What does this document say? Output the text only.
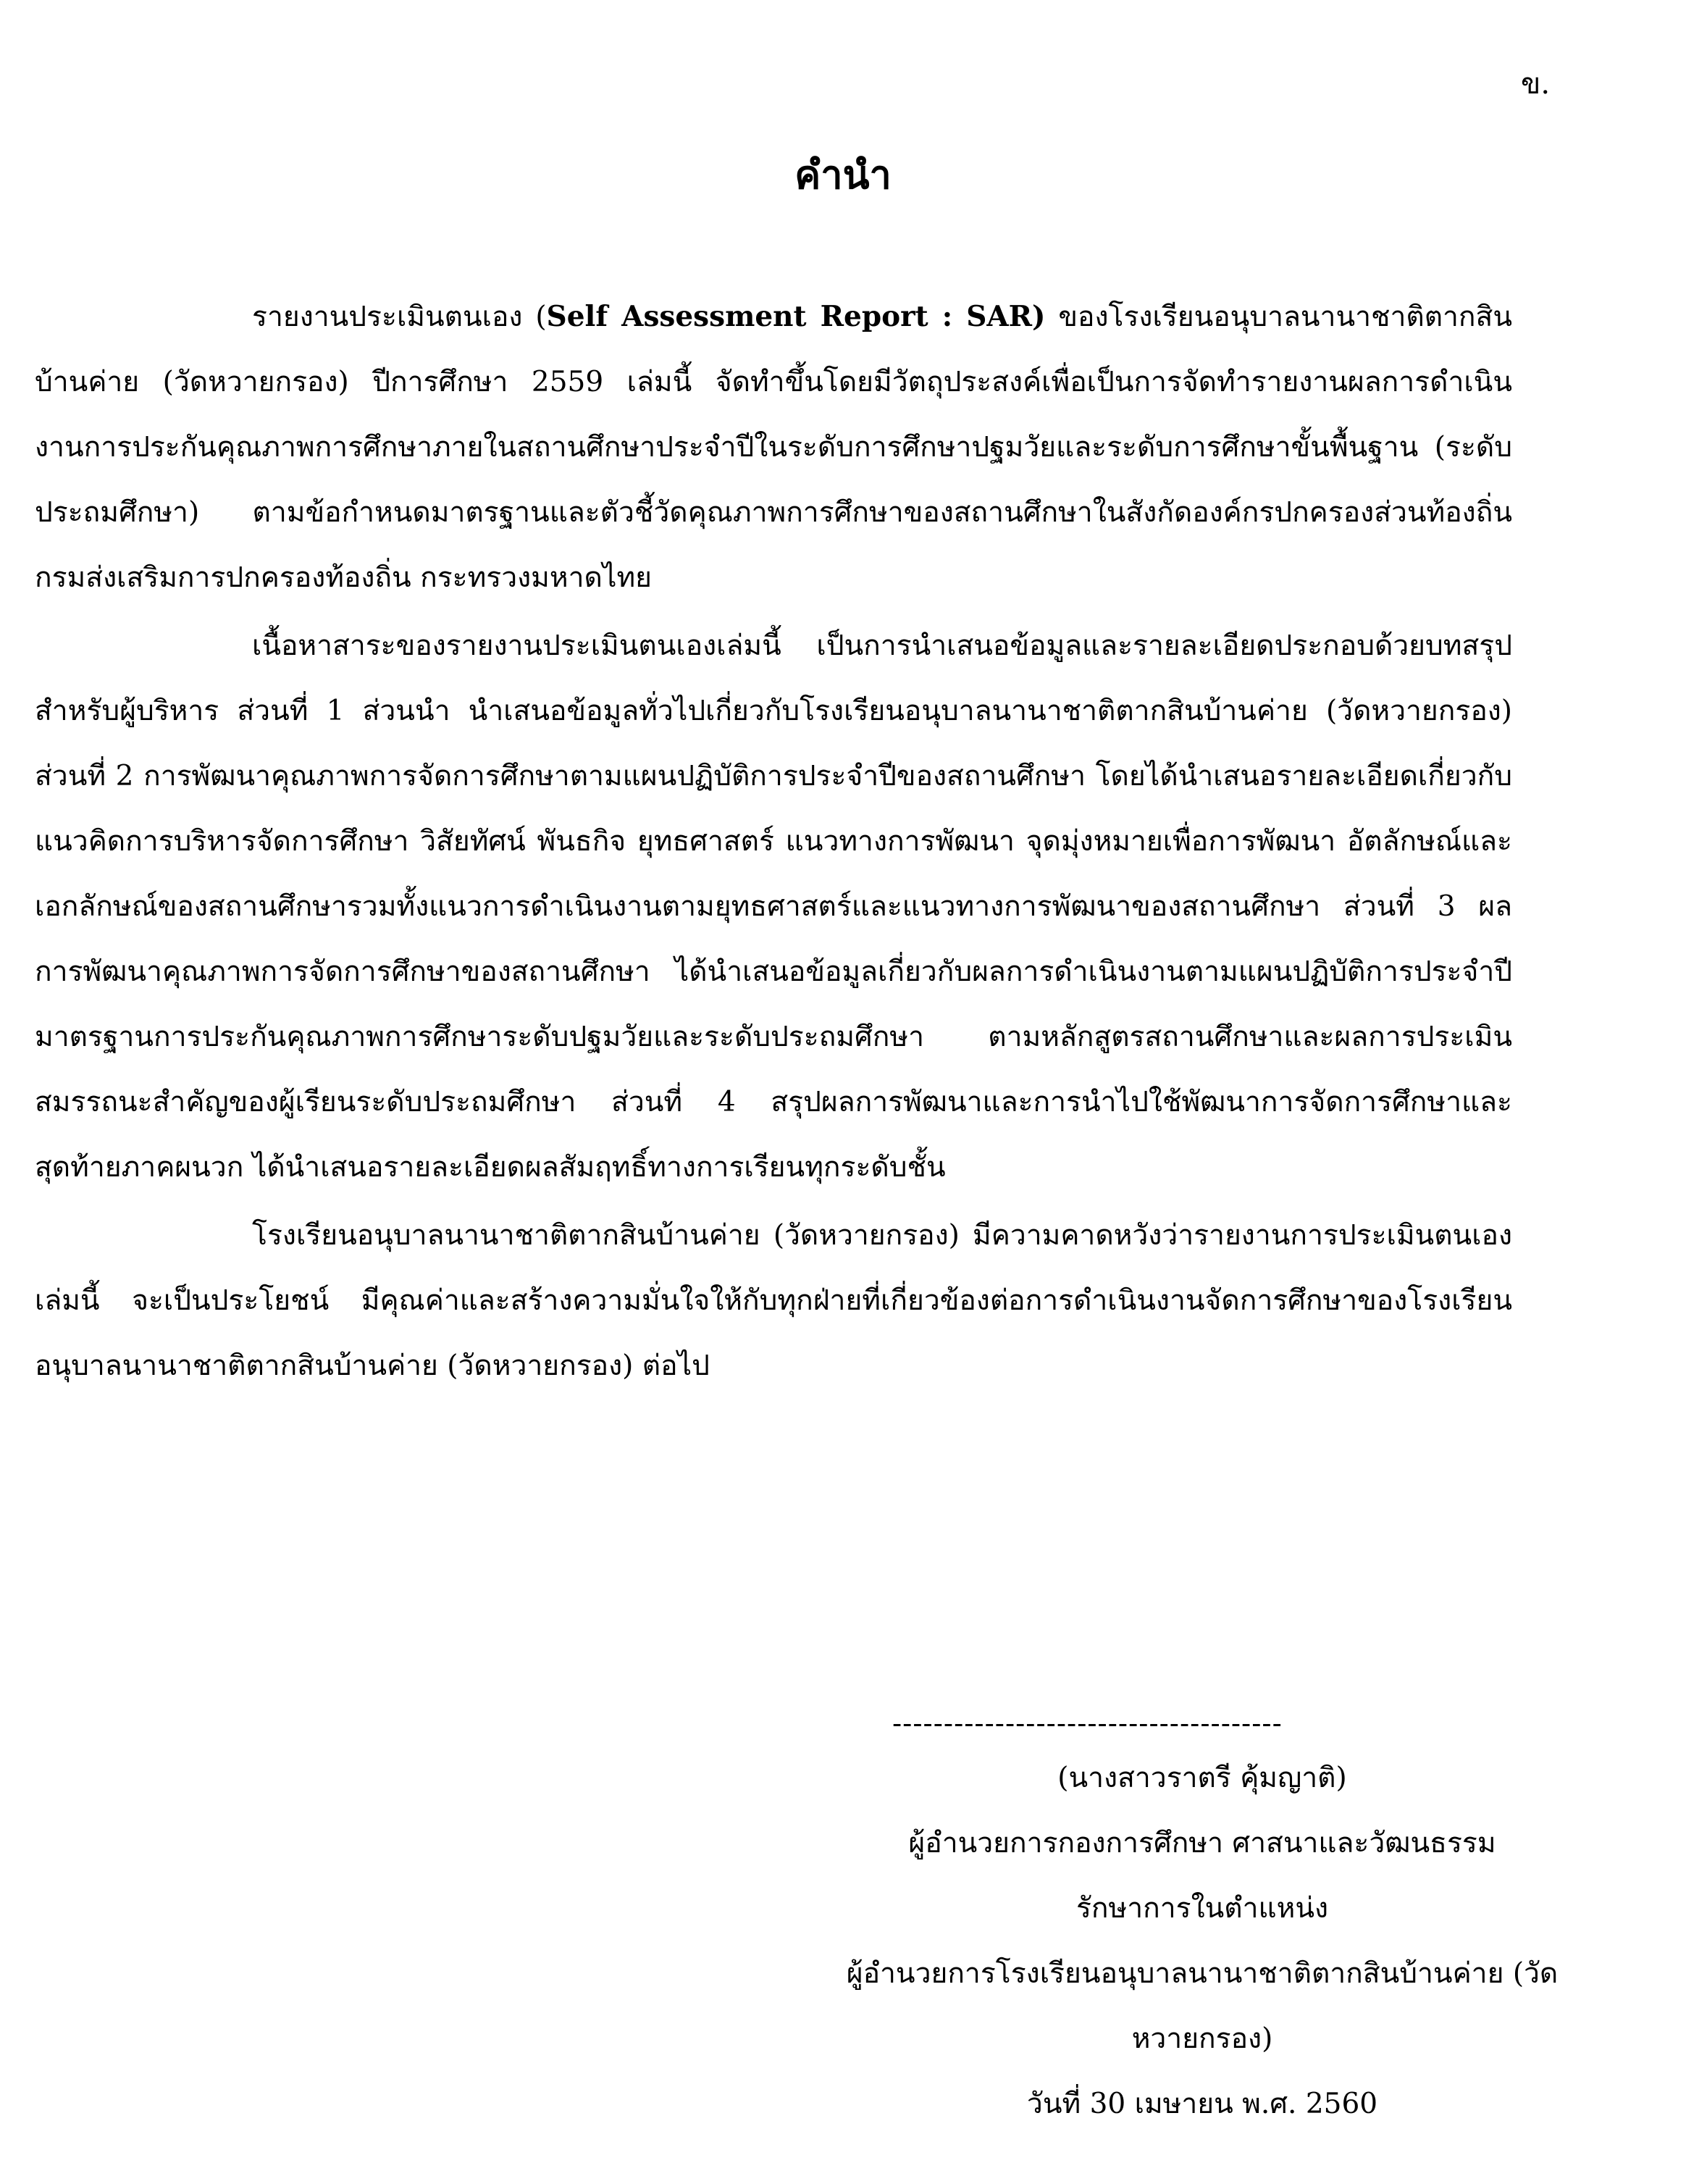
ข.
คำนำ

รายงานประเมินตนเอง (Self Assessment Report : SAR) ของโรงเรียนอนุบาลนานาชาติตากสินบ้านค่าย (วัดหวายกรอง) ปีการศึกษา 2559 เล่มนี้ จัดทำขึ้นโดยมีวัตถุประสงค์เพื่อเป็นการจัดทำรายงานผลการดำเนินงานการประกันคุณภาพการศึกษาภายในสถานศึกษาประจำปีในระดับการศึกษาปฐมวัยและระดับการศึกษาขั้นพื้นฐาน (ระดับประถมศึกษา) ตามข้อกำหนดมาตรฐานและตัวชี้วัดคุณภาพการศึกษาของสถานศึกษาในสังกัดองค์กรปกครองส่วนท้องถิ่น กรมส่งเสริมการปกครองท้องถิ่น กระทรวงมหาดไทย

เนื้อหาสาระของรายงานประเมินตนเองเล่มนี้ เป็นการนำเสนอข้อมูลและรายละเอียดประกอบด้วยบทสรุปสำหรับผู้บริหาร ส่วนที่ 1 ส่วนนำ นำเสนอข้อมูลทั่วไปเกี่ยวกับโรงเรียนอนุบาลนานาชาติตากสินบ้านค่าย (วัดหวายกรอง) ส่วนที่ 2 การพัฒนาคุณภาพการจัดการศึกษาตามแผนปฏิบัติการประจำปีของสถานศึกษา โดยได้นำเสนอรายละเอียดเกี่ยวกับแนวคิดการบริหารจัดการศึกษา วิสัยทัศน์ พันธกิจ ยุทธศาสตร์ แนวทางการพัฒนา จุดมุ่งหมายเพื่อการพัฒนา อัตลักษณ์และเอกลักษณ์ของสถานศึกษารวมทั้งแนวการดำเนินงานตามยุทธศาสตร์และแนวทางการพัฒนาของสถานศึกษา ส่วนที่ 3 ผลการพัฒนาคุณภาพการจัดการศึกษาของสถานศึกษา ได้นำเสนอข้อมูลเกี่ยวกับผลการดำเนินงานตามแผนปฏิบัติการประจำปี มาตรฐานการประกันคุณภาพการศึกษาระดับปฐมวัยและระดับประถมศึกษา ตามหลักสูตรสถานศึกษาและผลการประเมินสมรรถนะสำคัญของผู้เรียนระดับประถมศึกษา ส่วนที่ 4 สรุปผลการพัฒนาและการนำไปใช้พัฒนาการจัดการศึกษาและสุดท้ายภาคผนวก ได้นำเสนอรายละเอียดผลสัมฤทธิ์ทางการเรียนทุกระดับชั้น

โรงเรียนอนุบาลนานาชาติตากสินบ้านค่าย (วัดหวายกรอง) มีความคาดหวังว่ารายงานการประเมินตนเองเล่มนี้ จะเป็นประโยชน์ มีคุณค่าและสร้างความมั่นใจให้กับทุกฝ่ายที่เกี่ยวข้องต่อการดำเนินงานจัดการศึกษาของโรงเรียนอนุบาลนานาชาติตากสินบ้านค่าย (วัดหวายกรอง) ต่อไป

--------------------------------------
(นางสาวราตรี คุ้มญาติ)
ผู้อำนวยการกองการศึกษา ศาสนาและวัฒนธรรม
รักษาการในตำแหน่ง
ผู้อำนวยการโรงเรียนอนุบาลนานาชาติตากสินบ้านค่าย (วัดหวายกรอง)
วันที่ 30 เมษายน พ.ศ. 2560
